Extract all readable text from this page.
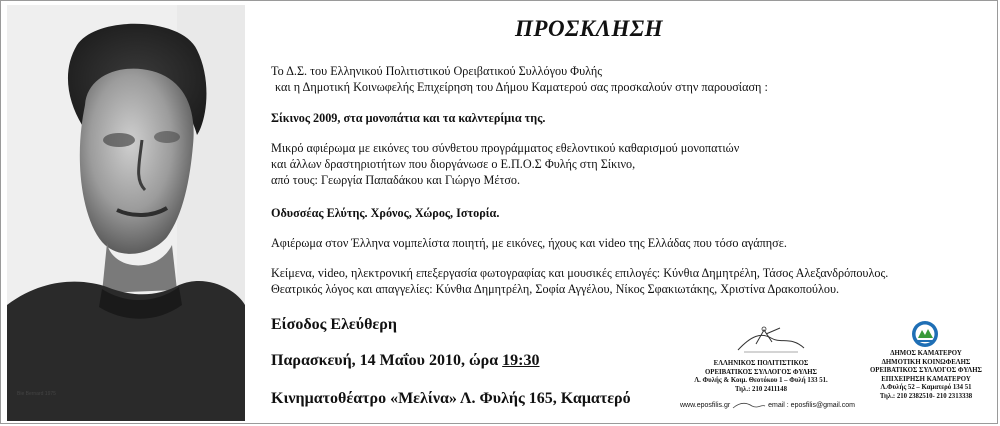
Bie Bernard 1975
ΠΡΟΣΚΛΗΣΗ
Το Δ.Σ. του Ελληνικού Πολιτιστικού Ορειβατικού Συλλόγου Φυλής
και η Δημοτική Κοινωφελής Επιχείρηση του Δήμου Καματερού σας προσκαλούν στην παρουσίαση :
Σίκινος 2009, στα μονοπάτια και τα καλντερίμια της.
Μικρό αφιέρωμα με εικόνες του σύνθετου προγράμματος εθελοντικού καθαρισμού μονοπατιών
και άλλων δραστηριοτήτων που διοργάνωσε ο Ε.Π.Ο.Σ Φυλής στη Σίκινο,
από τους: Γεωργία Παπαδάκου και Γιώργο Μέτσο.
Οδυσσέας Ελύτης. Χρόνος, Χώρος, Ιστορία.
Αφιέρωμα στον Έλληνα νομπελίστα ποιητή, με εικόνες, ήχους και video της Ελλάδας που τόσο αγάπησε.
Κείμενα, video, ηλεκτρονική επεξεργασία φωτογραφίας και μουσικές επιλογές: Κύνθια Δημητρέλη, Τάσος Αλεξανδρόπουλος.
Θεατρικός λόγος και απαγγελίες: Κύνθια Δημητρέλη, Σοφία Αγγέλου, Νίκος Σφακιωτάκης, Χριστίνα Δρακοπούλου.
Είσοδος Ελεύθερη
Παρασκευή, 14 Μαΐου 2010, ώρα 19:30
Κινηματοθέατρο «Μελίνα» Λ. Φυλής 165, Καματερό
ΕΛΛΗΝΙΚΟΣ ΠΟΛΙΤΙΣΤΙΚΟΣ
ΟΡΕΙΒΑΤΙΚΟΣ ΣΥΛΛΟΓΟΣ ΦΥΛΗΣ
Λ. Φυλής & Κοιμ. Θεοτόκου 1 – Φυλή 133 51.
Τηλ.: 210 2411148
www.eposfilis.gr	email : eposfilis@gmail.com
ΔΗΜΟΣ ΚΑΜΑΤΕΡΟΥ
ΔΗΜΟΤΙΚΗ ΚΟΙΝΩΦΕΛΗΣ
ΟΡΕΙΒΑΤΙΚΟΣ ΣΥΛΛΟΓΟΣ ΦΥΛΗΣ
ΕΠΙΧΕΙΡΗΣΗ ΚΑΜΑΤΕΡΟΥ
Λ.Φυλής 52 – Καματερό 134 51
Τηλ.: 210 2382510- 210 2313338
